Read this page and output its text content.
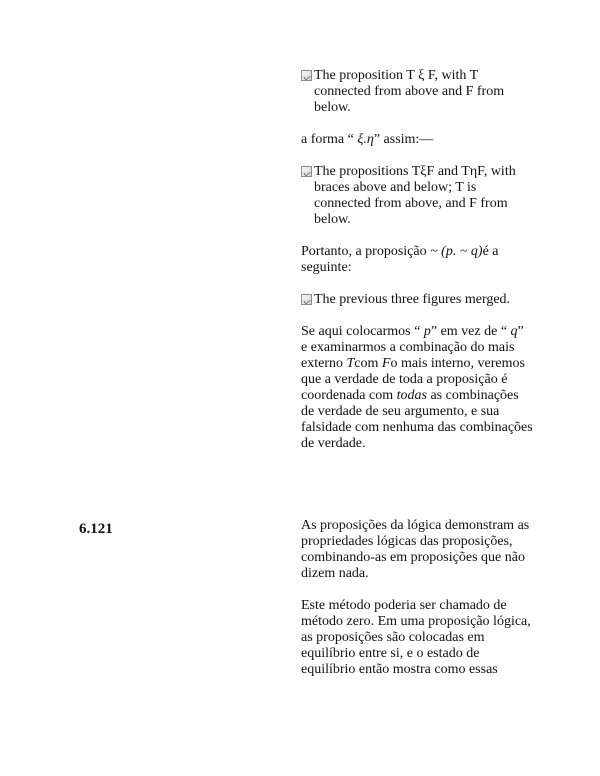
The proposition T ξ F, with T connected from above and F from below.

a forma “ ξ.η” assim:—

The propositions TξF and TηF, with braces above and below; T is connected from above, and F from below.

Portanto, a proposição ~ (p. ~ q)é a seguinte:

The previous three figures merged.

Se aqui colocarmos “ p” em vez de “ q” e examinarmos a combinação do mais externo Tcom Fo mais interno, veremos que a verdade de toda a proposição é coordenada com todas as combinações de verdade de seu argumento, e sua falsidade com nenhuma das combinações de verdade.

6.121	As proposições da lógica demonstram as propriedades lógicas das proposições, combinando-as em proposições que não dizem nada.

Este método poderia ser chamado de método zero. Em uma proposição lógica, as proposições são colocadas em equilíbrio entre si, e o estado de equilíbrio então mostra como essas
